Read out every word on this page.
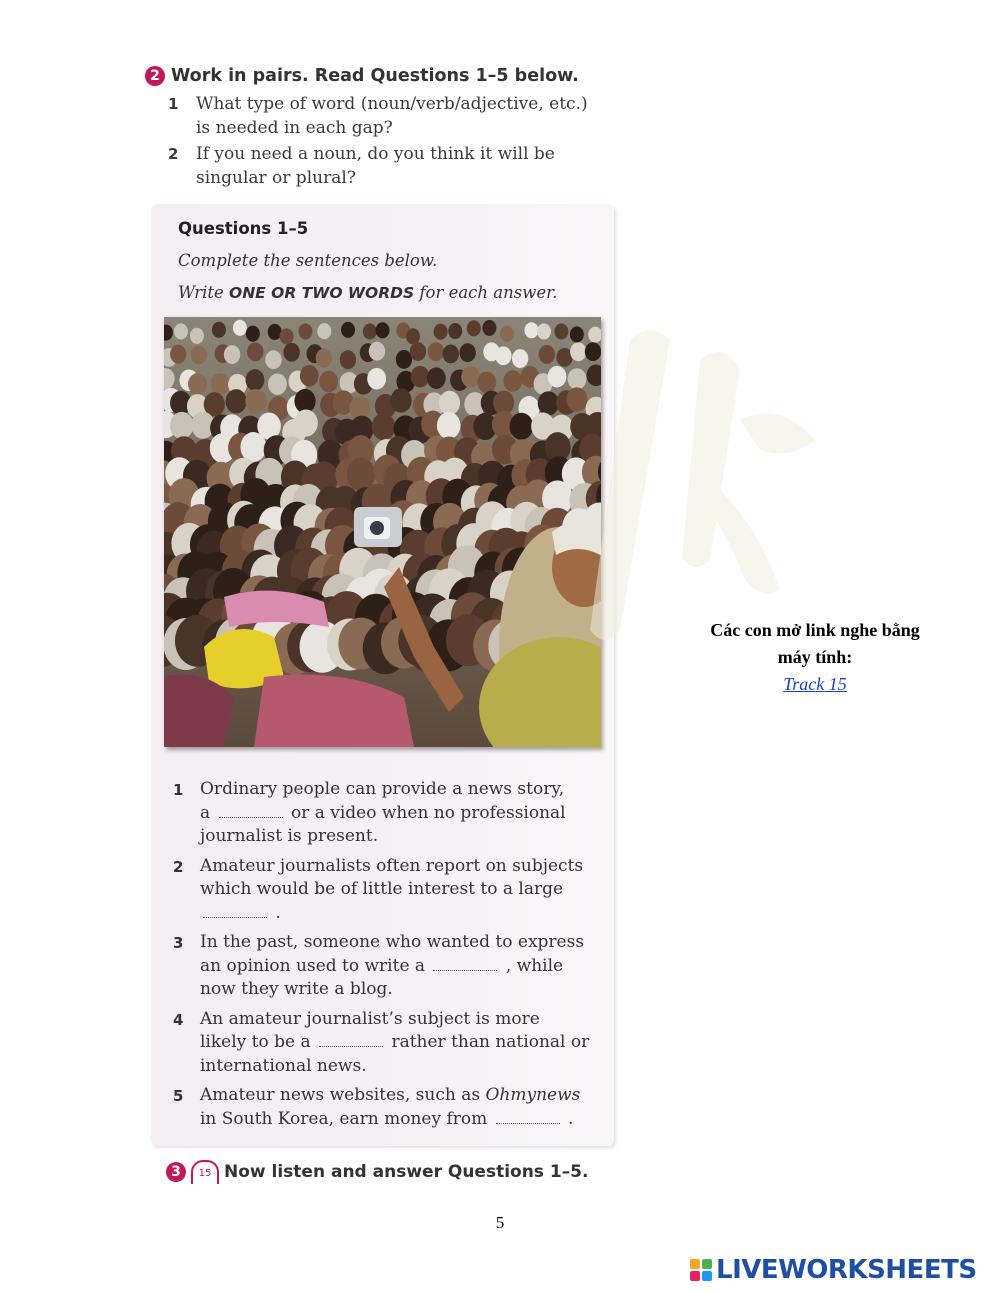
2 Work in pairs. Read Questions 1–5 below.
1	What type of word (noun/verb/adjective, etc.)
is needed in each gap?
2	If you need a noun, do you think it will be
singular or plural?
Questions 1–5
Complete the sentences below.
Write ONE OR TWO WORDS for each answer.
1 Ordinary people can provide a news story,
a	or a video when no professional
journalist is present.
2 Amateur journalists often report on subjects
which would be of little interest to a large
.
3 In the past, someone who wanted to express
an opinion used to write a	, while
now they write a blog.
4 An amateur journalist’s subject is more
likely to be a	rather than national or
international news.
5 Amateur news websites, such as Ohmynews
in South Korea, earn money from	.
3	15 Now listen and answer Questions 1–5.
Các con mở link nghe bằng
máy tính:
Track 15
5
LIVEWORKSHEETS
